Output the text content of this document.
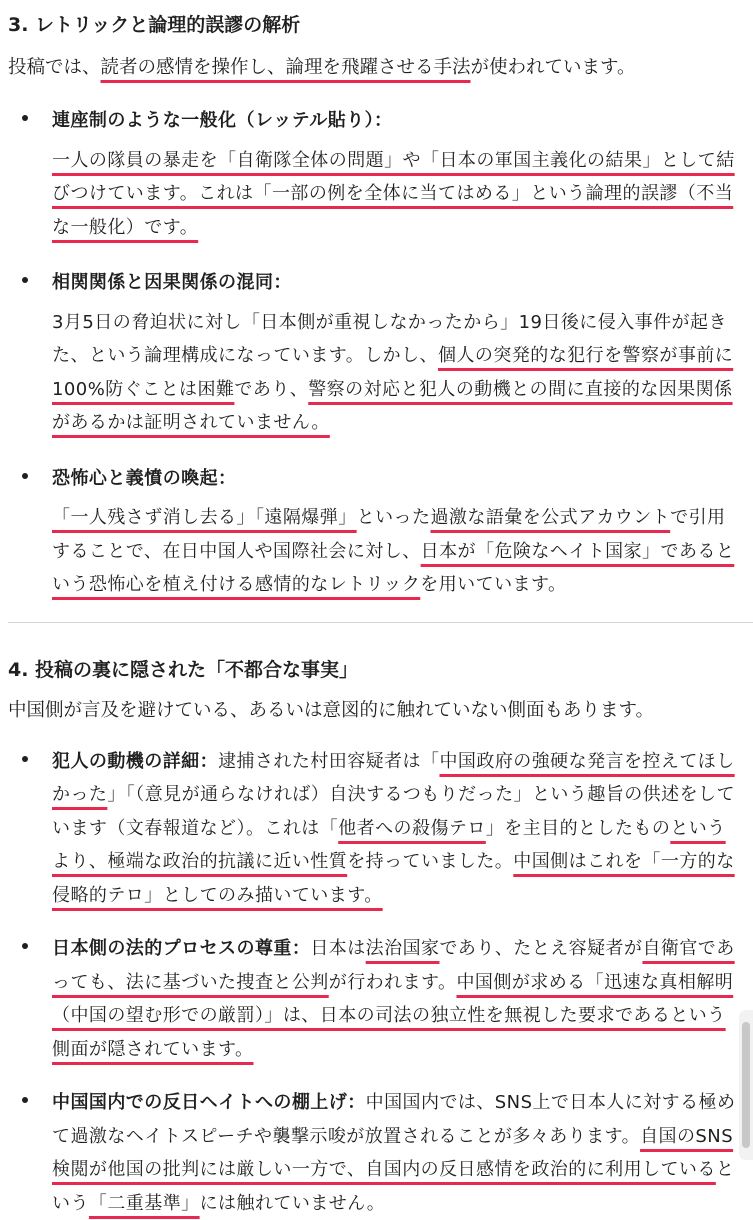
3. レトリックと論理的誤謬の解析

投稿では、読者の感情を操作し、論理を飛躍させる手法が使われています。

連座制のような一般化（レッテル貼り）：
一人の隊員の暴走を「自衛隊全体の問題」や「日本の軍国主義化の結果」として結びつけています。これは「一部の例を全体に当てはめる」という論理的誤謬（不当な一般化）です。
相関関係と因果関係の混同：
3月5日の脅迫状に対し「日本側が重視しなかったから」19日後に侵入事件が起きた、という論理構成になっています。しかし、個人の突発的な犯行を警察が事前に100%防ぐことは困難であり、警察の対応と犯人の動機との間に直接的な因果関係があるかは証明されていません。
恐怖心と義憤の喚起：
「一人残さず消し去る」「遠隔爆弾」といった過激な語彙を公式アカウントで引用することで、在日中国人や国際社会に対し、日本が「危険なヘイト国家」であるという恐怖心を植え付ける感情的なレトリックを用いています。
4. 投稿の裏に隠された「不都合な事実」

中国側が言及を避けている、あるいは意図的に触れていない側面もあります。

犯人の動機の詳細：逮捕された村田容疑者は「中国政府の強硬な発言を控えてほしかった」「（意見が通らなければ）自決するつもりだった」という趣旨の供述をしています（文春報道など）。これは「他者への殺傷テロ」を主目的としたものというより、極端な政治的抗議に近い性質を持っていました。中国側はこれを「一方的な侵略的テロ」としてのみ描いています。
日本側の法的プロセスの尊重：日本は法治国家であり、たとえ容疑者が自衛官であっても、法に基づいた捜査と公判が行われます。中国側が求める「迅速な真相解明（中国の望む形での厳罰）」は、日本の司法の独立性を無視した要求であるという側面が隠されています。
中国国内での反日ヘイトへの棚上げ：中国国内では、SNS上で日本人に対する極めて過激なヘイトスピーチや襲撃示唆が放置されることが多々あります。自国のSNS検閲が他国の批判には厳しい一方で、自国内の反日感情を政治的に利用しているという「二重基準」には触れていません。
